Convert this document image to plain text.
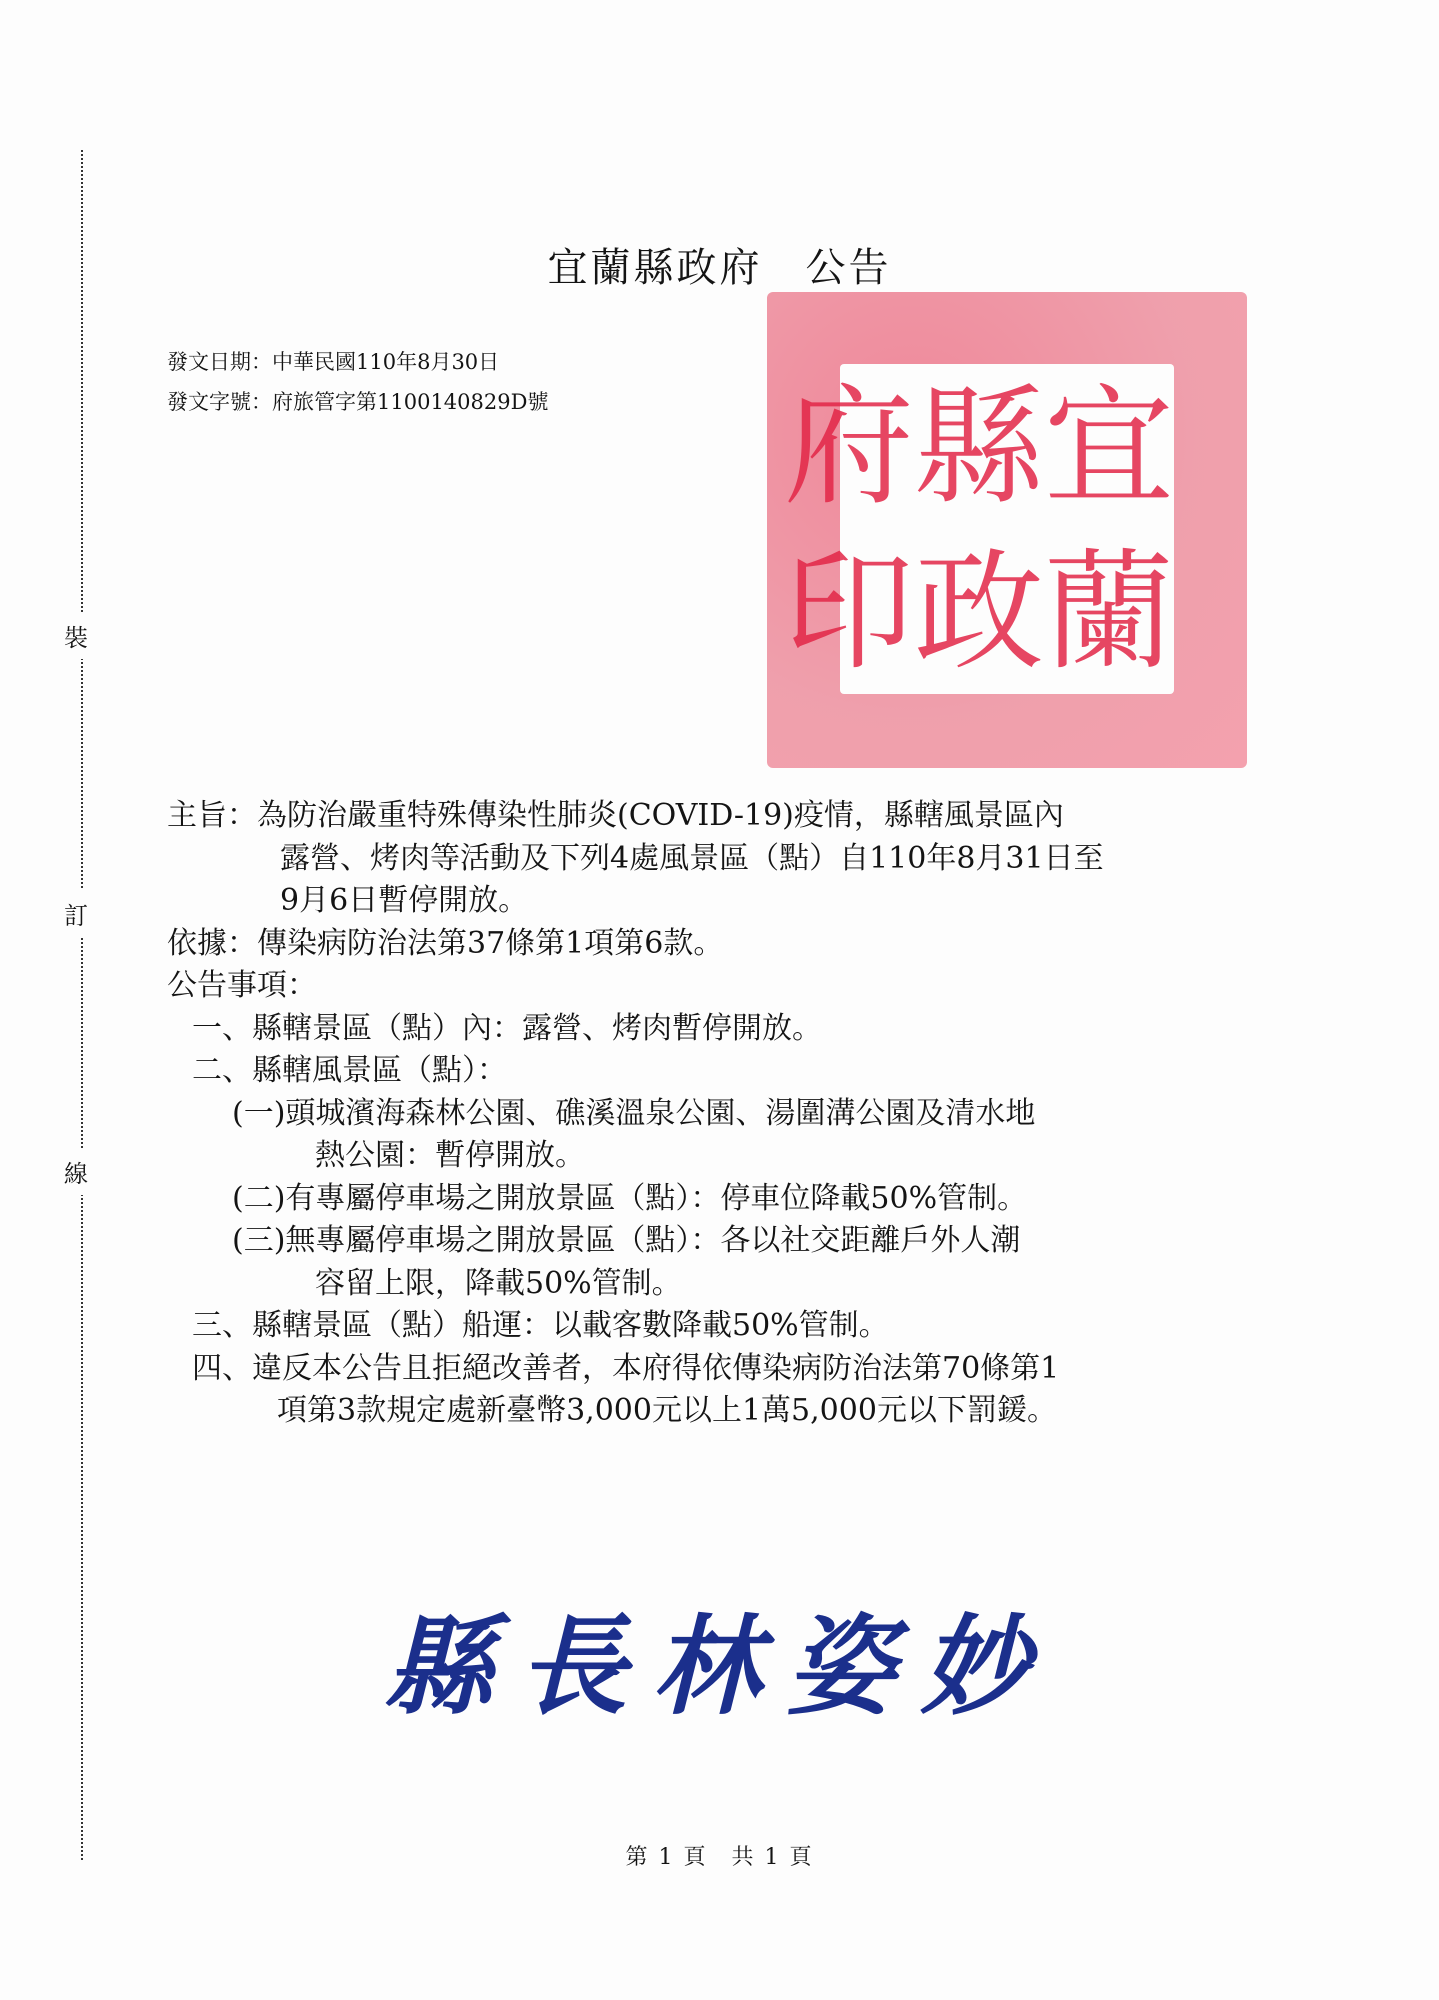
裝
訂
線
宜蘭縣政府　公告
發文日期：中華民國110年8月30日
發文字號：府旅管字第1100140829D號	宜
縣
府
蘭
政
印
主旨：為防治嚴重特殊傳染性肺炎(COVID-19)疫情，縣轄風景區內
露營、烤肉等活動及下列4處風景區（點）自110年8月31日至
9月6日暫停開放。
依據：傳染病防治法第37條第1項第6款。
公告事項：
一、縣轄景區（點）內：露營、烤肉暫停開放。
二、縣轄風景區（點）：
(一)頭城濱海森林公園、礁溪溫泉公園、湯圍溝公園及清水地
熱公園：暫停開放。
(二)有專屬停車場之開放景區（點）：停車位降載50%管制。
(三)無專屬停車場之開放景區（點）：各以社交距離戶外人潮
容留上限，降載50%管制。
三、縣轄景區（點）船運：以載客數降載50%管制。
四、違反本公告且拒絕改善者，本府得依傳染病防治法第70條第1
項第3款規定處新臺幣3,000元以上1萬5,000元以下罰鍰。
縣長林姿妙
第 1 頁　共 1 頁
